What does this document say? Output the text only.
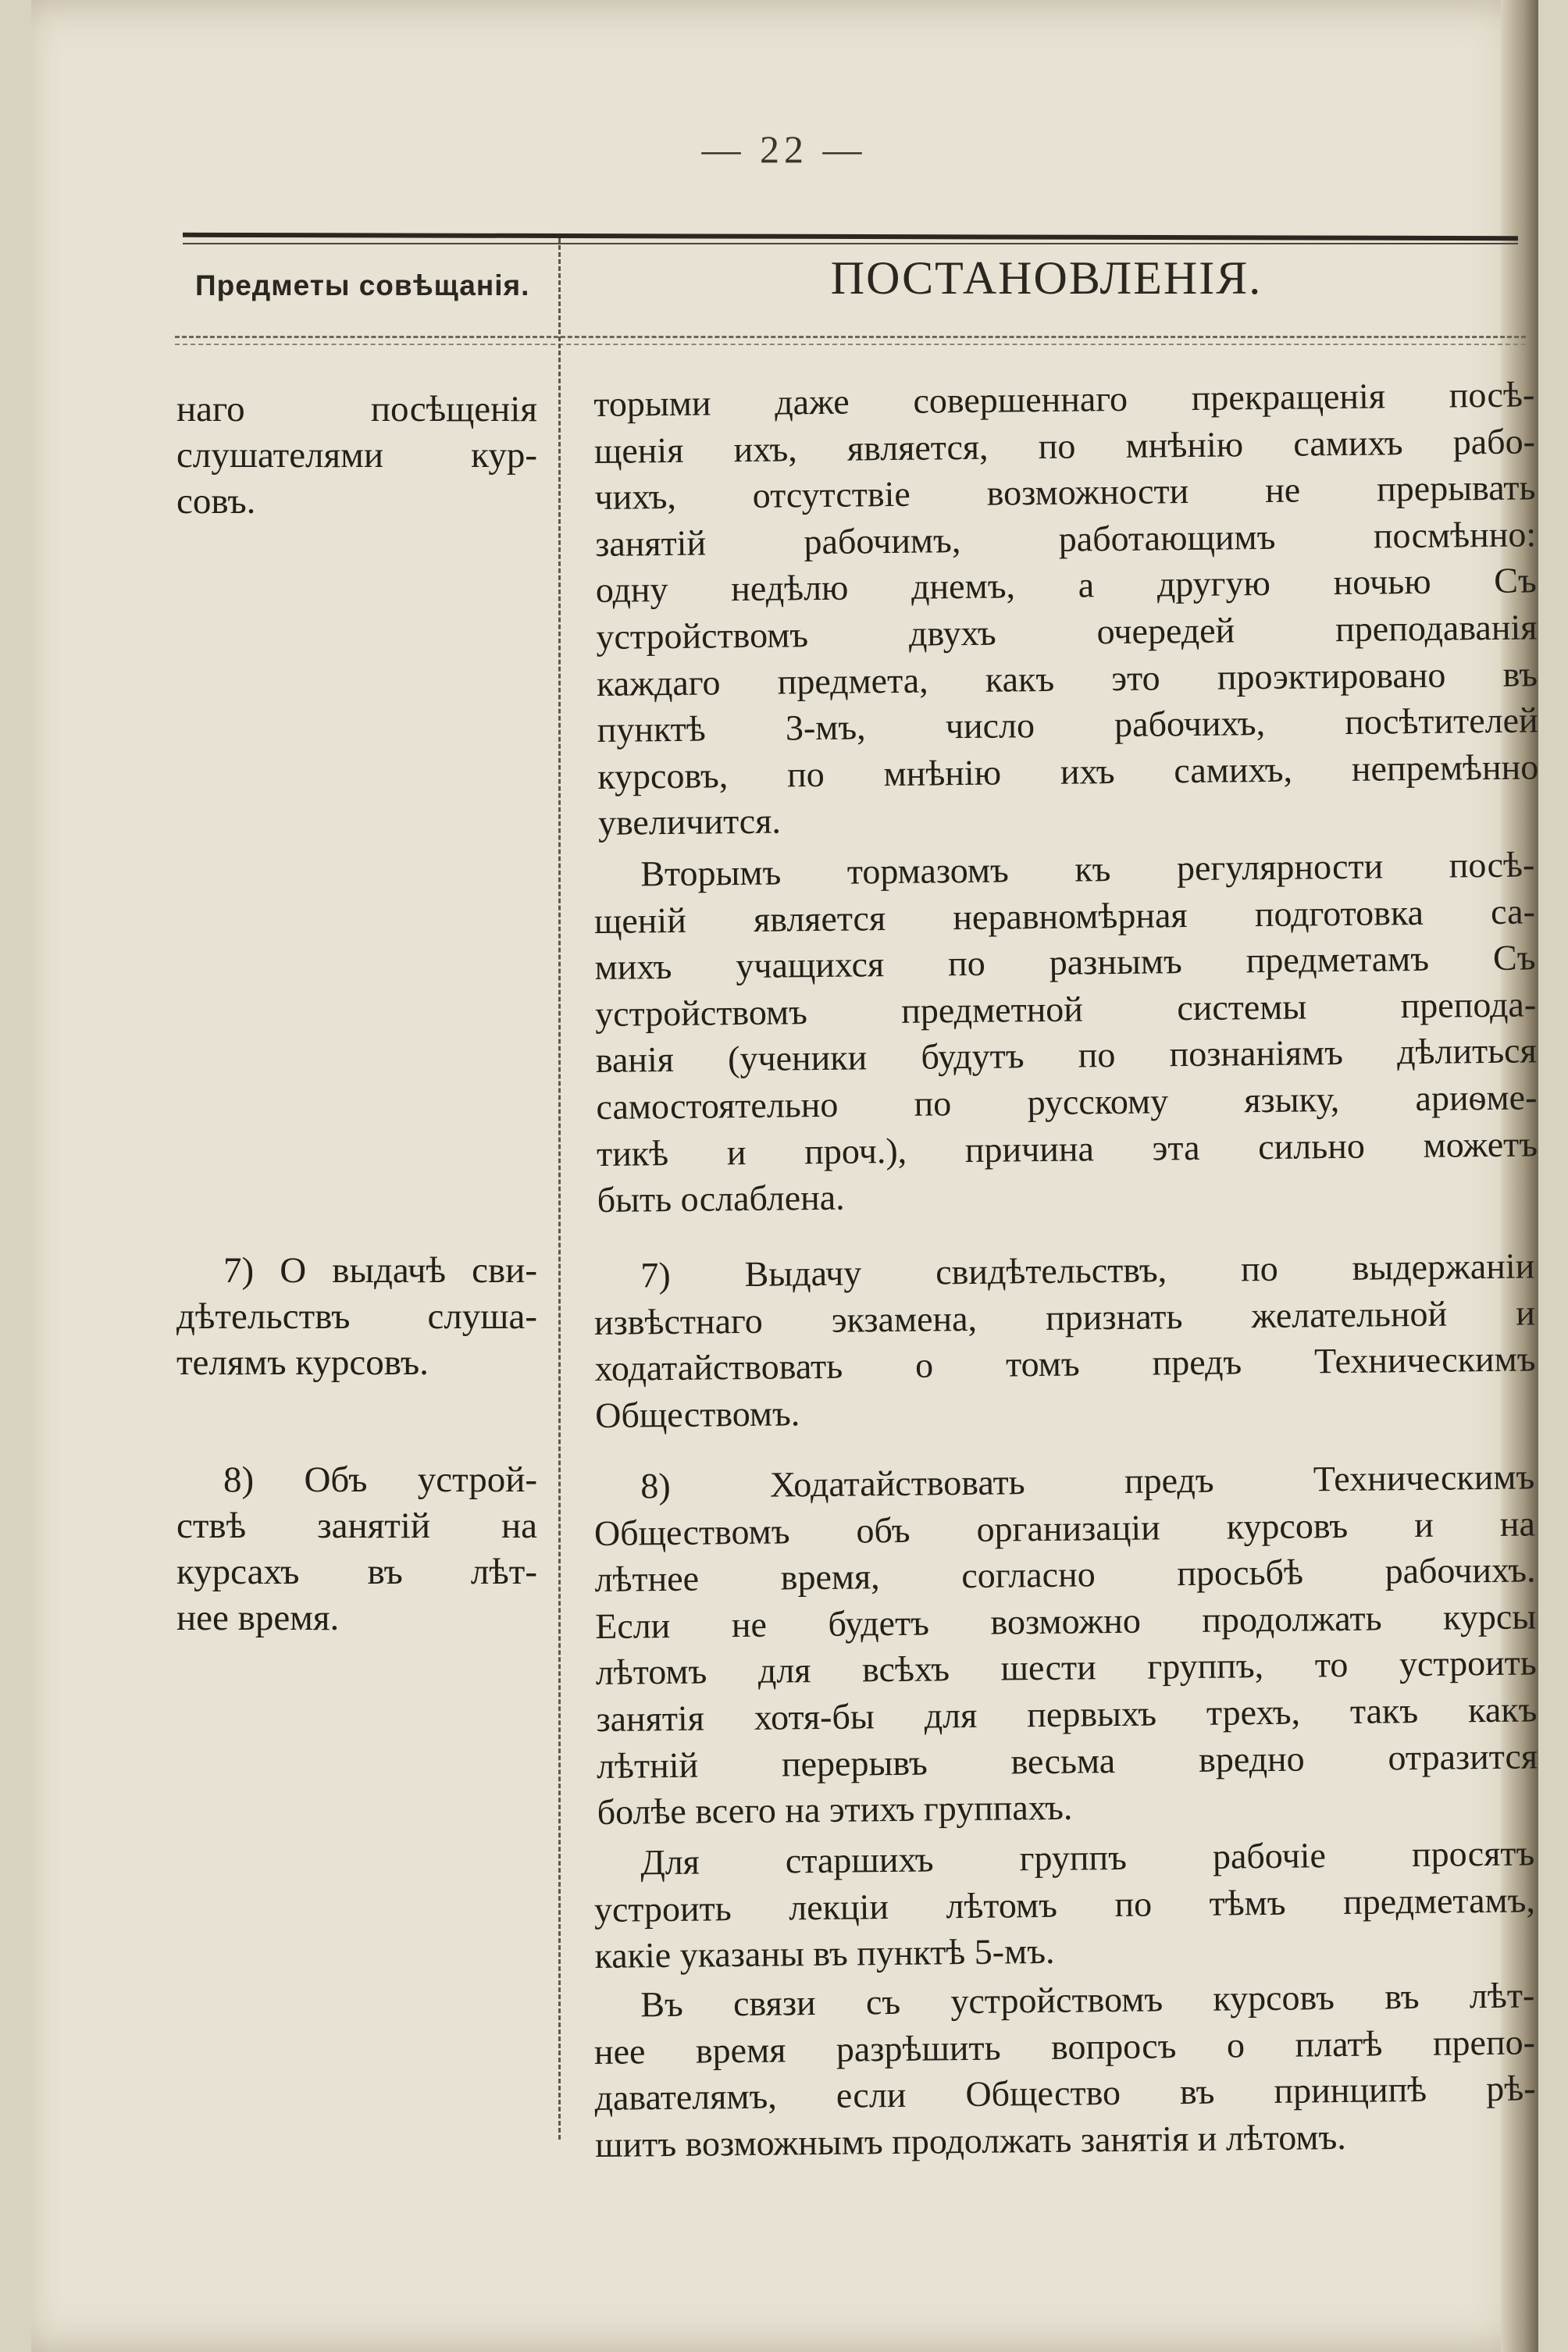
— 22 —
Предметы совѣщанія.	ПОСТАНОВЛЕНІЯ.

наго посѣщенія

слушателями кур-

совъ.

7) О выдачѣ сви-

дѣтельствъ слуша-

телямъ курсовъ.

8) Объ устрой-

ствѣ занятій на

курсахъ въ лѣт-

нее время.

торыми даже совершеннаго прекращенія посѣ-

щенія ихъ, является, по мнѣнію самихъ рабо-

чихъ, отсутствіе возможности не прерывать

занятій рабочимъ, работающимъ посмѣнно:

одну недѣлю днемъ, а другую ночью Съ

устройствомъ двухъ очередей преподаванія

каждаго предмета, какъ это проэктировано въ

пунктѣ 3-мъ, число рабочихъ, посѣтителей

курсовъ, по мнѣнію ихъ самихъ, непремѣнно

увеличится.

Вторымъ тормазомъ къ регулярности посѣ-

щеній является неравномѣрная подготовка са-

михъ учащихся по разнымъ предметамъ Съ

устройствомъ предметной системы препода-

ванія (ученики будутъ по познаніямъ дѣлиться

самостоятельно по русскому языку, ариѳме-

тикѣ и проч.), причина эта сильно можетъ

быть ослаблена.

7) Выдачу свидѣтельствъ, по выдержаніи

извѣстнаго экзамена, признать желательной и

ходатайствовать о томъ предъ Техническимъ

Обществомъ.

8) Ходатайствовать предъ Техническимъ

Обществомъ объ организаціи курсовъ и на

лѣтнее время, согласно просьбѣ рабочихъ.

Если не будетъ возможно продолжать курсы

лѣтомъ для всѣхъ шести группъ, то устроить

занятія хотя-бы для первыхъ трехъ, такъ какъ

лѣтній перерывъ весьма вредно отразится

болѣе всего на этихъ группахъ.

Для старшихъ группъ рабочіе просятъ

устроить лекціи лѣтомъ по тѣмъ предметамъ,

какіе указаны въ пунктѣ 5-мъ.

Въ связи съ устройствомъ курсовъ въ лѣт-

нее время разрѣшить вопросъ о платѣ препо-

давателямъ, если Общество въ принципѣ рѣ-

шитъ возможнымъ продолжать занятія и лѣтомъ.
